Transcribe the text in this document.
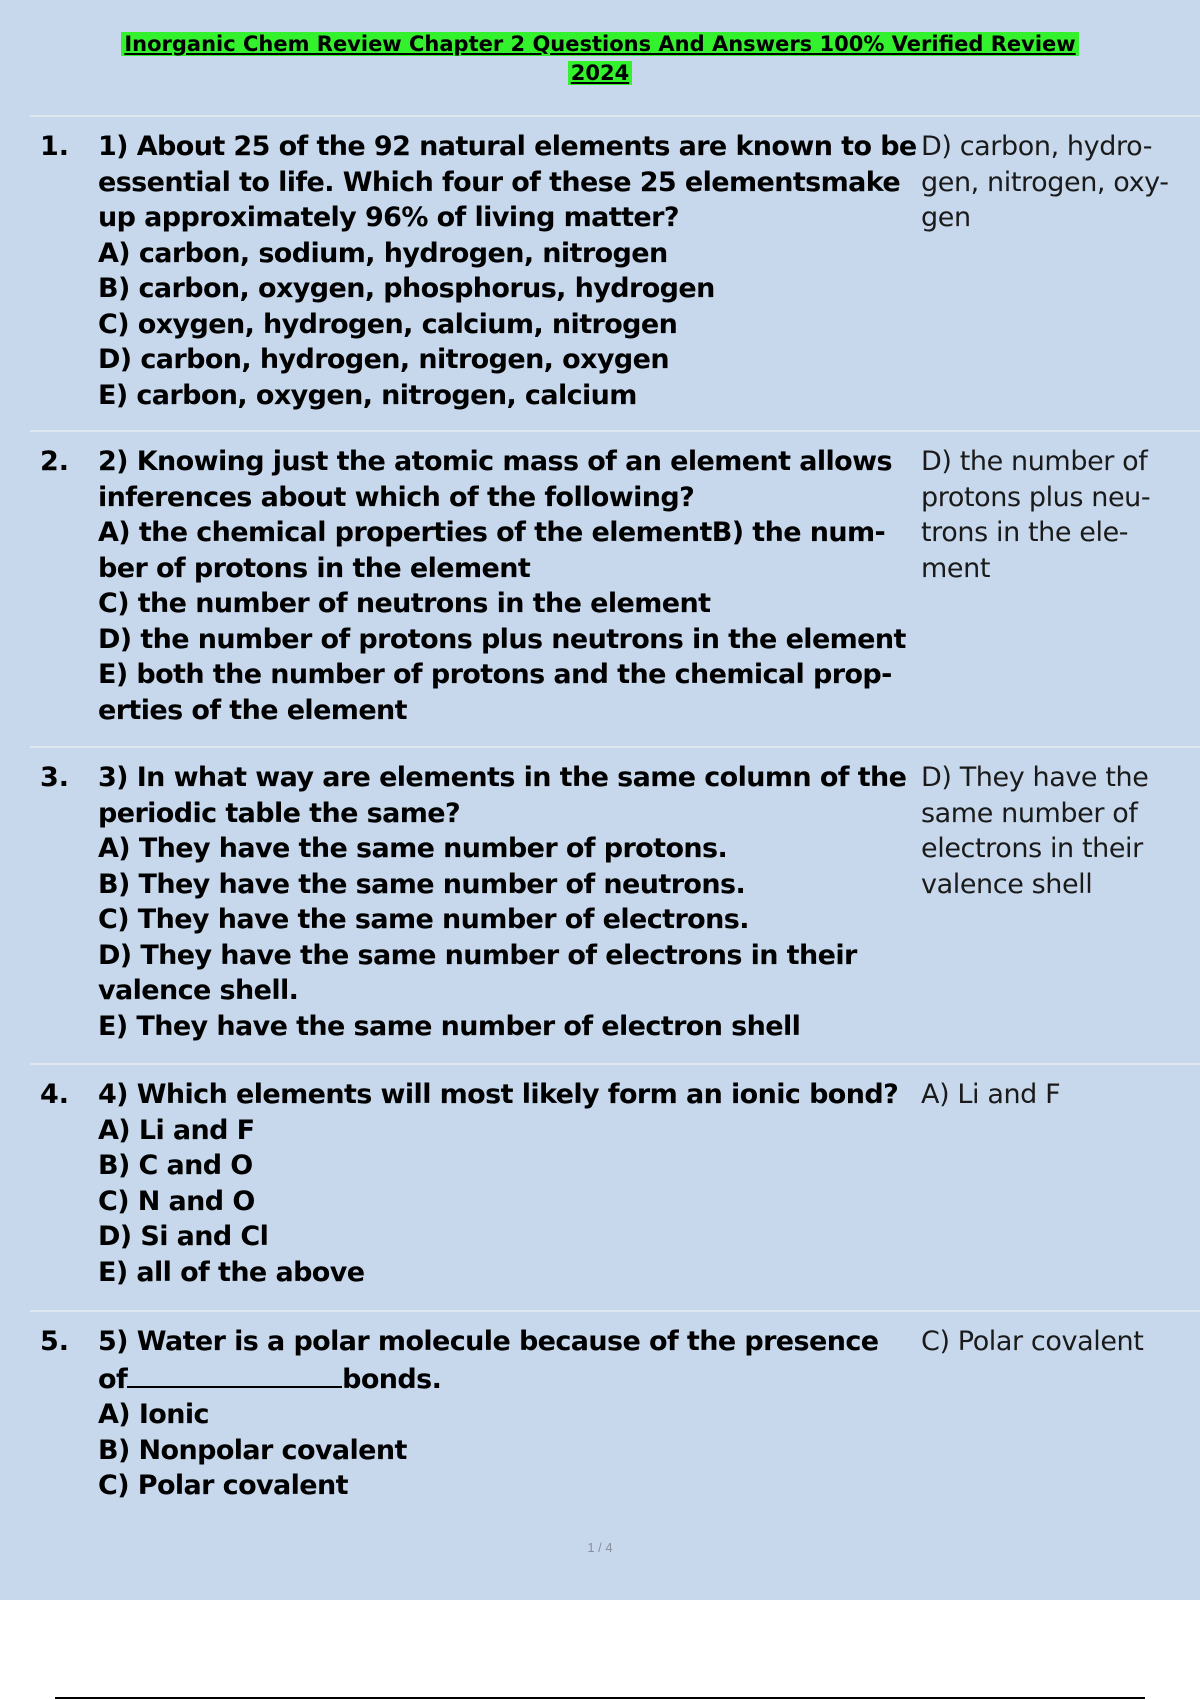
Inorganic Chem Review Chapter 2 Questions And Answers 100% Verified Review
2024
1. 1) About 25 of the 92 natural elements are known to be
essential to life. Which four of these 25 elementsmake
up approximately 96% of living matter?
A) carbon, sodium, hydrogen, nitrogen
B) carbon, oxygen, phosphorus, hydrogen
C) oxygen, hydrogen, calcium, nitrogen
D) carbon, hydrogen, nitrogen, oxygen
E) carbon, oxygen, nitrogen, calcium
D) carbon, hydro-
gen, nitrogen, oxy-
gen
2. 2) Knowing just the atomic mass of an element allows
inferences about which of the following?
A) the chemical properties of the elementB) the num-
ber of protons in the element
C) the number of neutrons in the element
D) the number of protons plus neutrons in the element
E) both the number of protons and the chemical prop-
erties of the element
D) the number of
protons plus neu-
trons in the ele-
ment
3. 3) In what way are elements in the same column of the
periodic table the same?
A) They have the same number of protons.
B) They have the same number of neutrons.
C) They have the same number of electrons.
D) They have the same number of electrons in their
valence shell.
E) They have the same number of electron shell
D) They have the
same number of
electrons in their
valence shell
4. 4) Which elements will most likely form an ionic bond?
A) Li and F
B) C and O
C) N and O
D) Si and Cl
E) all of the above
A) Li and F
5. 5) Water is a polar molecule because of the presence
of	bonds.
A) Ionic
B) Nonpolar covalent
C) Polar covalent
C) Polar covalent
1 / 4
